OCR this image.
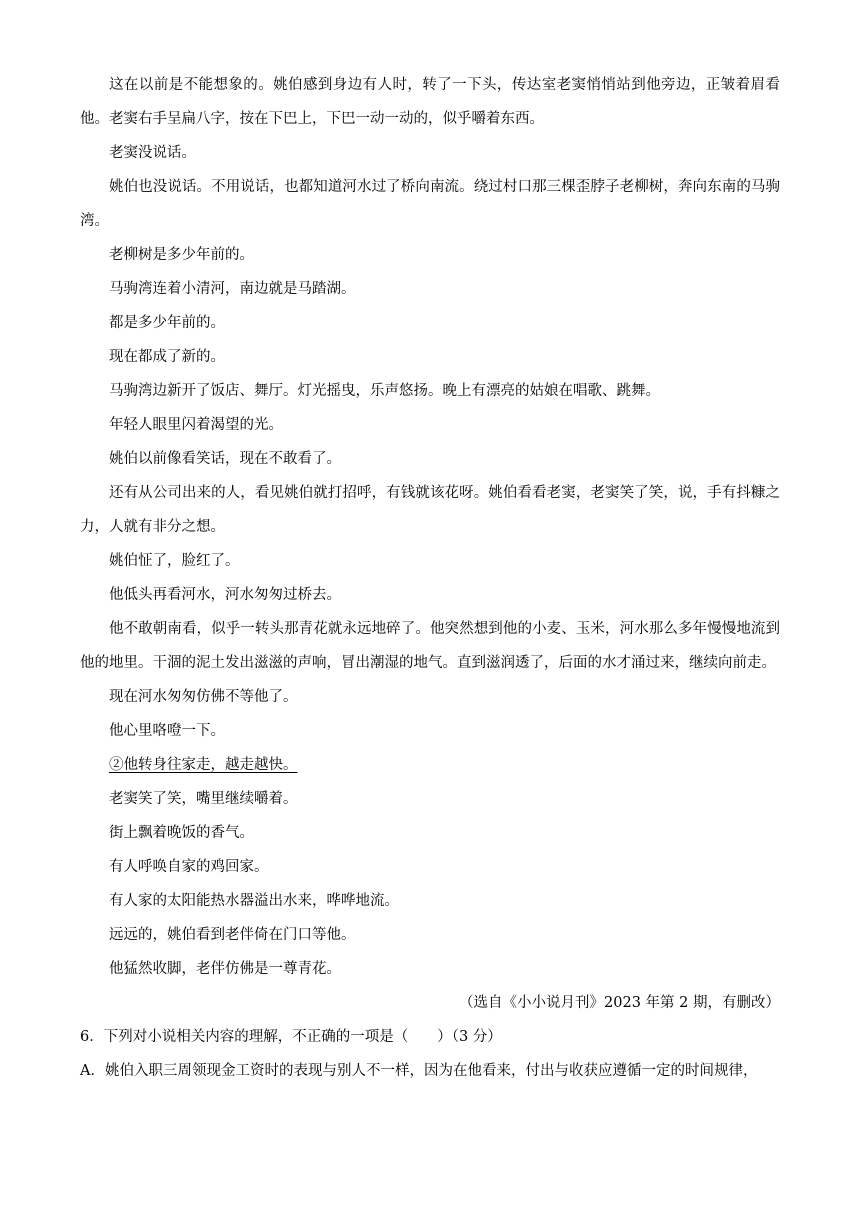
这在以前是不能想象的。姚伯感到身边有人时，转了一下头，传达室老窦悄悄站到他旁边，正皱着眉看他。老窦右手呈扁八字，按在下巴上，下巴一动一动的，似乎嚼着东西。

老窦没说话。

姚伯也没说话。不用说话，也都知道河水过了桥向南流。绕过村口那三棵歪脖子老柳树，奔向东南的马驹湾。

老柳树是多少年前的。

马驹湾连着小清河，南边就是马踏湖。

都是多少年前的。

现在都成了新的。

马驹湾边新开了饭店、舞厅。灯光摇曳，乐声悠扬。晚上有漂亮的姑娘在唱歌、跳舞。

年轻人眼里闪着渴望的光。

姚伯以前像看笑话，现在不敢看了。

还有从公司出来的人，看见姚伯就打招呼，有钱就该花呀。姚伯看看老窦，老窦笑了笑，说，手有抖糠之力，人就有非分之想。

姚伯怔了，脸红了。

他低头再看河水，河水匆匆过桥去。

他不敢朝南看，似乎一转头那青花就永远地碎了。他突然想到他的小麦、玉米，河水那么多年慢慢地流到他的地里。干涸的泥土发出滋滋的声响，冒出潮湿的地气。直到滋润透了，后面的水才涌过来，继续向前走。

现在河水匆匆仿佛不等他了。

他心里咯噔一下。

②他转身往家走，越走越快。

老窦笑了笑，嘴里继续嚼着。

街上飘着晚饭的香气。

有人呼唤自家的鸡回家。

有人家的太阳能热水器溢出水来，哗哗地流。

远远的，姚伯看到老伴倚在门口等他。

他猛然收脚，老伴仿佛是一尊青花。

（选自《小小说月刊》2023 年第 2 期，有删改）

6．下列对小说相关内容的理解，不正确的一项是（　　）（3 分）

A．姚伯入职三周领现金工资时的表现与别人不一样，因为在他看来，付出与收获应遵循一定的时间规律，
